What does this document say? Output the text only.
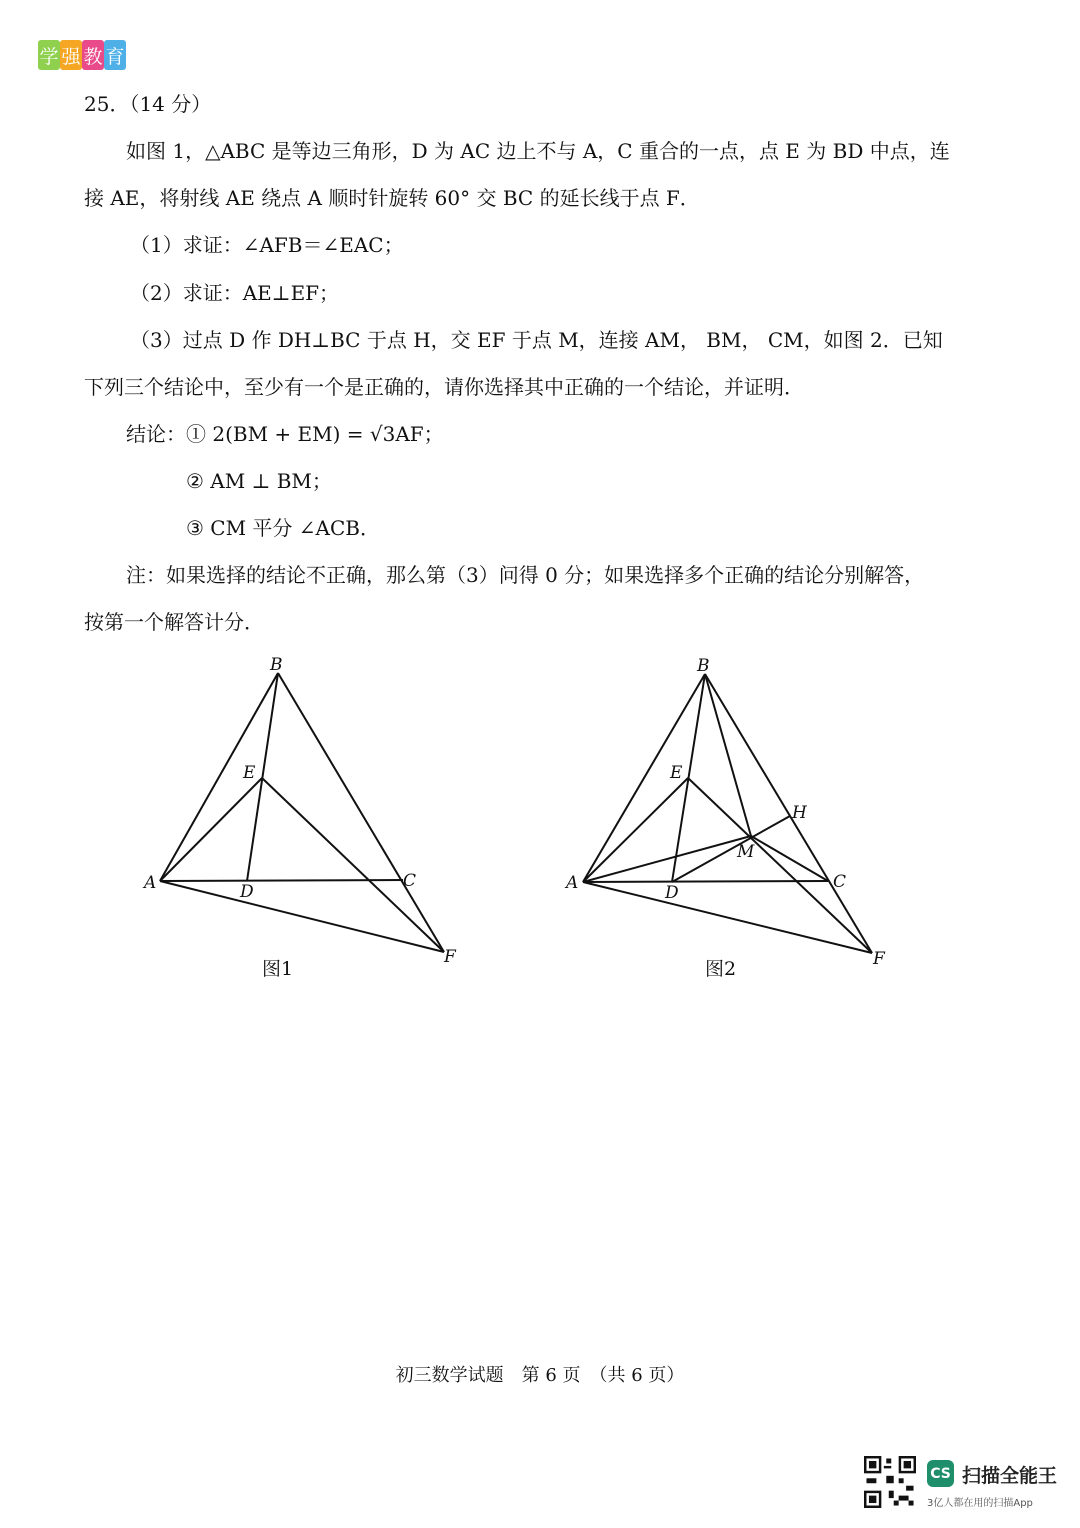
学 强 教 育
25．（14 分）
如图 1，△ABC 是等边三角形，D 为 AC 边上不与 A，C 重合的一点，点 E 为 BD 中点，连
接 AE，将射线 AE 绕点 A 顺时针旋转 60° 交 BC 的延长线于点 F．
（1）求证：∠AFB＝∠EAC；
（2）求证：AE⊥EF；
（3）过点 D 作 DH⊥BC 于点 H，交 EF 于点 M，连接 AM， BM， CM，如图 2．已知
下列三个结论中，至少有一个是正确的，请你选择其中正确的一个结论，并证明．
结论：① 2(BM + EM) = √3AF；
② AM ⊥ BM；
③ CM 平分 ∠ACB．
注：如果选择的结论不正确，那么第（3）问得 0 分；如果选择多个正确的结论分别解答，
按第一个解答计分．
B
E
A	D
C
F
图1
B
E
H
M
A	D
C
F
图2
初三数学试题　第 6 页　（共 6 页）
CS 扫描全能王
3亿人都在用的扫描App
